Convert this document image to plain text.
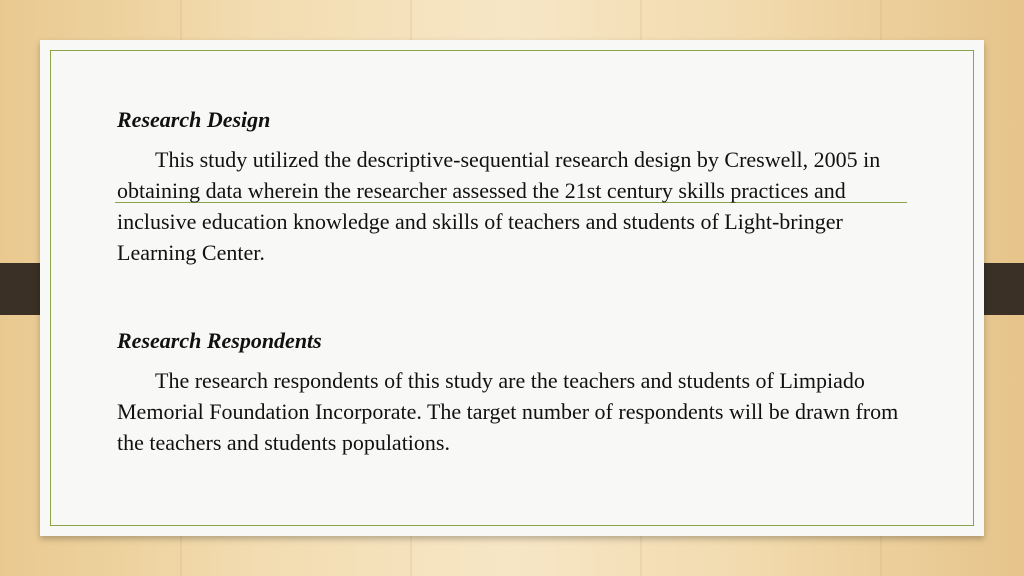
Research Design

This study utilized the descriptive-sequential research design by Creswell, 2005 in obtaining data wherein the researcher assessed the 21st century skills practices and inclusive education knowledge and skills of teachers and students of Light-bringer Learning Center.

Research Respondents

The research respondents of this study are the teachers and students of Limpiado Memorial Foundation Incorporate. The target number of respondents will be drawn from the teachers and students populations.
